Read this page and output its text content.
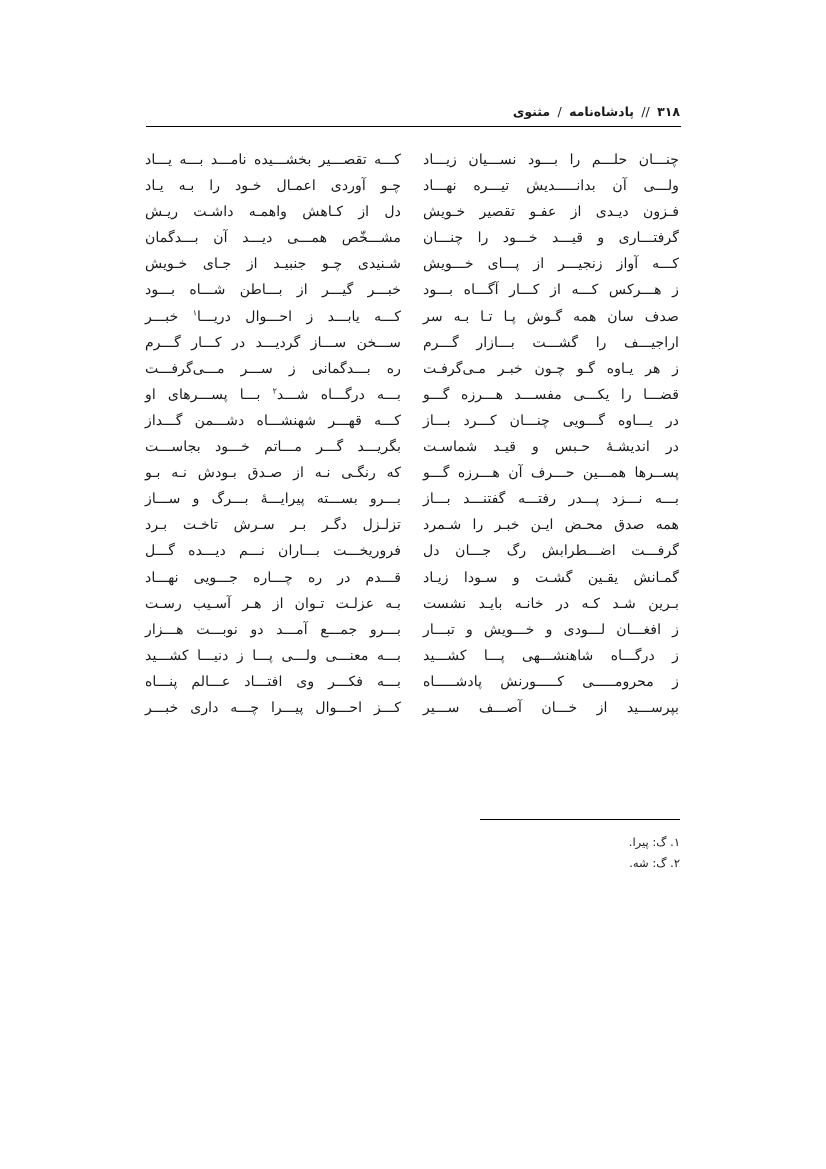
۳۱۸ // پادشاه‌نامه / مثنوی
چنـــان حلـــم را بـــود نســـیان زیـــاد
ولـــی آن بدانـــــدیش تیـــره نهـــاد
فـزون دیـدی از عفـو تقصیر خـویش
گرفتـــاری و قیـــد خـــود را چنـــان
کـــه آواز زنجیـــر از پـــای خـــویش
ز هـــرکس کـــه از کـــار آگـــاه بـــود
صدف سان همه گـوش پـا تـا بـه سر
اراجیـــف را گشـــت بـــازار گـــرم
ز هر یـاوه گـو چـون خبـر مـی‌گرفـت
قضـــا را یکـــی مفســـد هـــرزه گـــو
در یـــاوه گـــویی چنـــان کـــرد بـــاز
در اندیشـهٔ حـبس و قیـد شماسـت
پســرها همـــین حـــرف آن هـــرزه گـــو
بـــه نـــزد پـــدر رفتـــه گفتنـــد بـــاز
همه صدق محـض ایـن خبـر را شـمرد
گرفـــت اضـــطرابش رگ جـــان دل
گمـانش یقـین گشـت و سـودا زیـاد
بـرین شـد کـه در خانـه بایـد نشست
ز افغـــان لـــودی و خـــویش و تبـــار
ز درگـــاه شاهنشـــهی پـــا کشـــید
ز محرومـــــی کـــــورنش پادشـــــاه
بپرســـید از خـــان آصـــف ســـیر
کـــه تقصـــیر بخشـــیده نامـــد بـــه یـــاد
چـو آوردی اعمـال خـود را بـه یـاد
دل از کـاهش واهمـه داشـت ریـش
مشـــخّص همـــی دیـــد آن بـــدگمان
شـنیدی چـو جنبیـد از جـای خـویش
خبـــر گیـــر از بـــاطن شـــاه بـــود
کـــه یابـــد ز احـــوال دریـــا$^۱$ خبـــر
ســـخن ســـاز گردیـــد در کـــار گـــرم
ره بـــدگمانی ز ســـر مـــی‌گرفـــت
بـــه درگـــاه شـــد$^۲$ بـــا پســـرهای او
کـــه قهـــر شهنشـــاه دشـــمن گـــداز
بگریـــد گـــر مـــاتم خـــود بجاســـت
که رنگـی نـه از صـدق بـودش نـه بـو
بـــرو بســـته پیرایـــهٔ بـــرگ و ســـاز
تزلـزل دگـر بـر سـرش تاخـت بـرد
فروریخـــت بـــاران نـــم دیـــده گـــل
قـــدم در ره چـــاره جـــویی نهـــاد
بـه عزلـت تـوان از هـر آسـیب رسـت
بـــرو جمـــع آمـــد دو نوبـــت هـــزار
بـــه معنـــی ولـــی پـــا ز دنیـــا کشـــید
بـــه فکـــر وی افتـــاد عـــالم پنـــاه
کـــز احـــوال پیـــرا چـــه داری خبـــر
۱. گ: پیرا.
۲. گ: شه.
